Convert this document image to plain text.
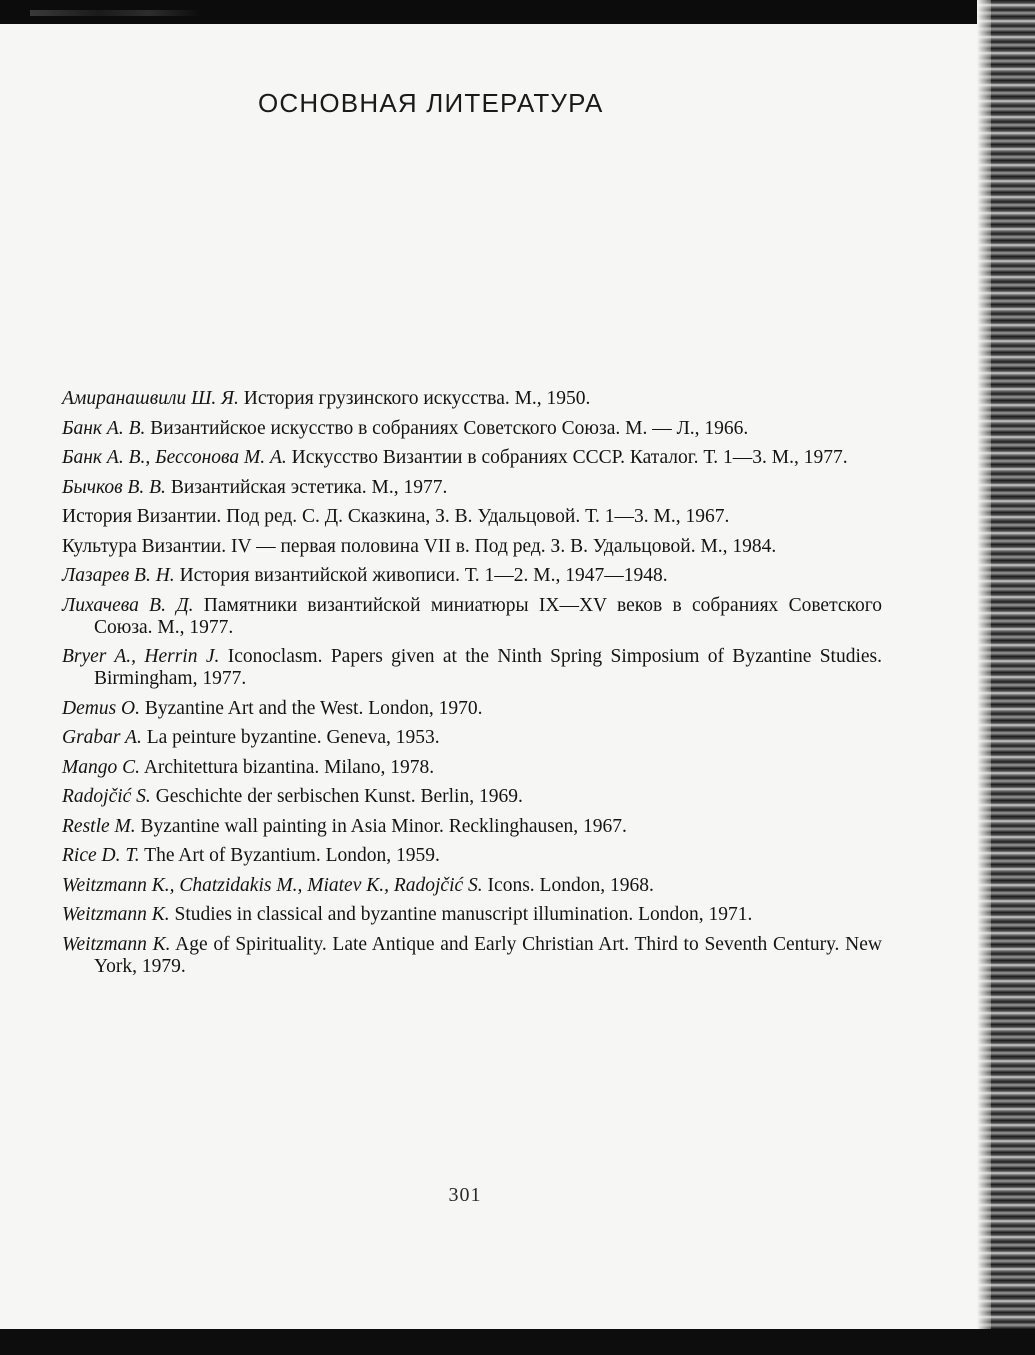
ОСНОВНАЯ ЛИТЕРАТУРА
Амиранашвили Ш. Я. История грузинского искусства. М., 1950.
Банк А. В. Византийское искусство в собраниях Советского Союза. М. — Л., 1966.
Банк А. В., Бессонова М. А. Искусство Византии в собраниях СССР. Каталог. Т. 1—3. М., 1977.
Бычков В. В. Византийская эстетика. М., 1977.
История Византии. Под ред. С. Д. Сказкина, З. В. Удальцовой. Т. 1—3. М., 1967.
Культура Византии. IV — первая половина VII в. Под ред. З. В. Удальцовой. М., 1984.
Лазарев В. Н. История византийской живописи. Т. 1—2. М., 1947—1948.
Лихачева В. Д. Памятники византийской миниатюры IX—XV веков в собраниях Советского Союза. М., 1977.
Bryer A., Herrin J. Iconoclasm. Papers given at the Ninth Spring Simposium of Byzantine Studies. Birmingham, 1977.
Demus O. Byzantine Art and the West. London, 1970.
Grabar A. La peinture byzantine. Geneva, 1953.
Mango C. Architettura bizantina. Milano, 1978.
Radojčić S. Geschichte der serbischen Kunst. Berlin, 1969.
Restle M. Byzantine wall painting in Asia Minor. Recklinghausen, 1967.
Rice D. T. The Art of Byzantium. London, 1959.
Weitzmann K., Chatzidakis M., Miatev K., Radojčić S. Icons. London, 1968.
Weitzmann K. Studies in classical and byzantine manuscript illumination. London, 1971.
Weitzmann K. Age of Spirituality. Late Antique and Early Christian Art. Third to Seventh Century. New York, 1979.
301
